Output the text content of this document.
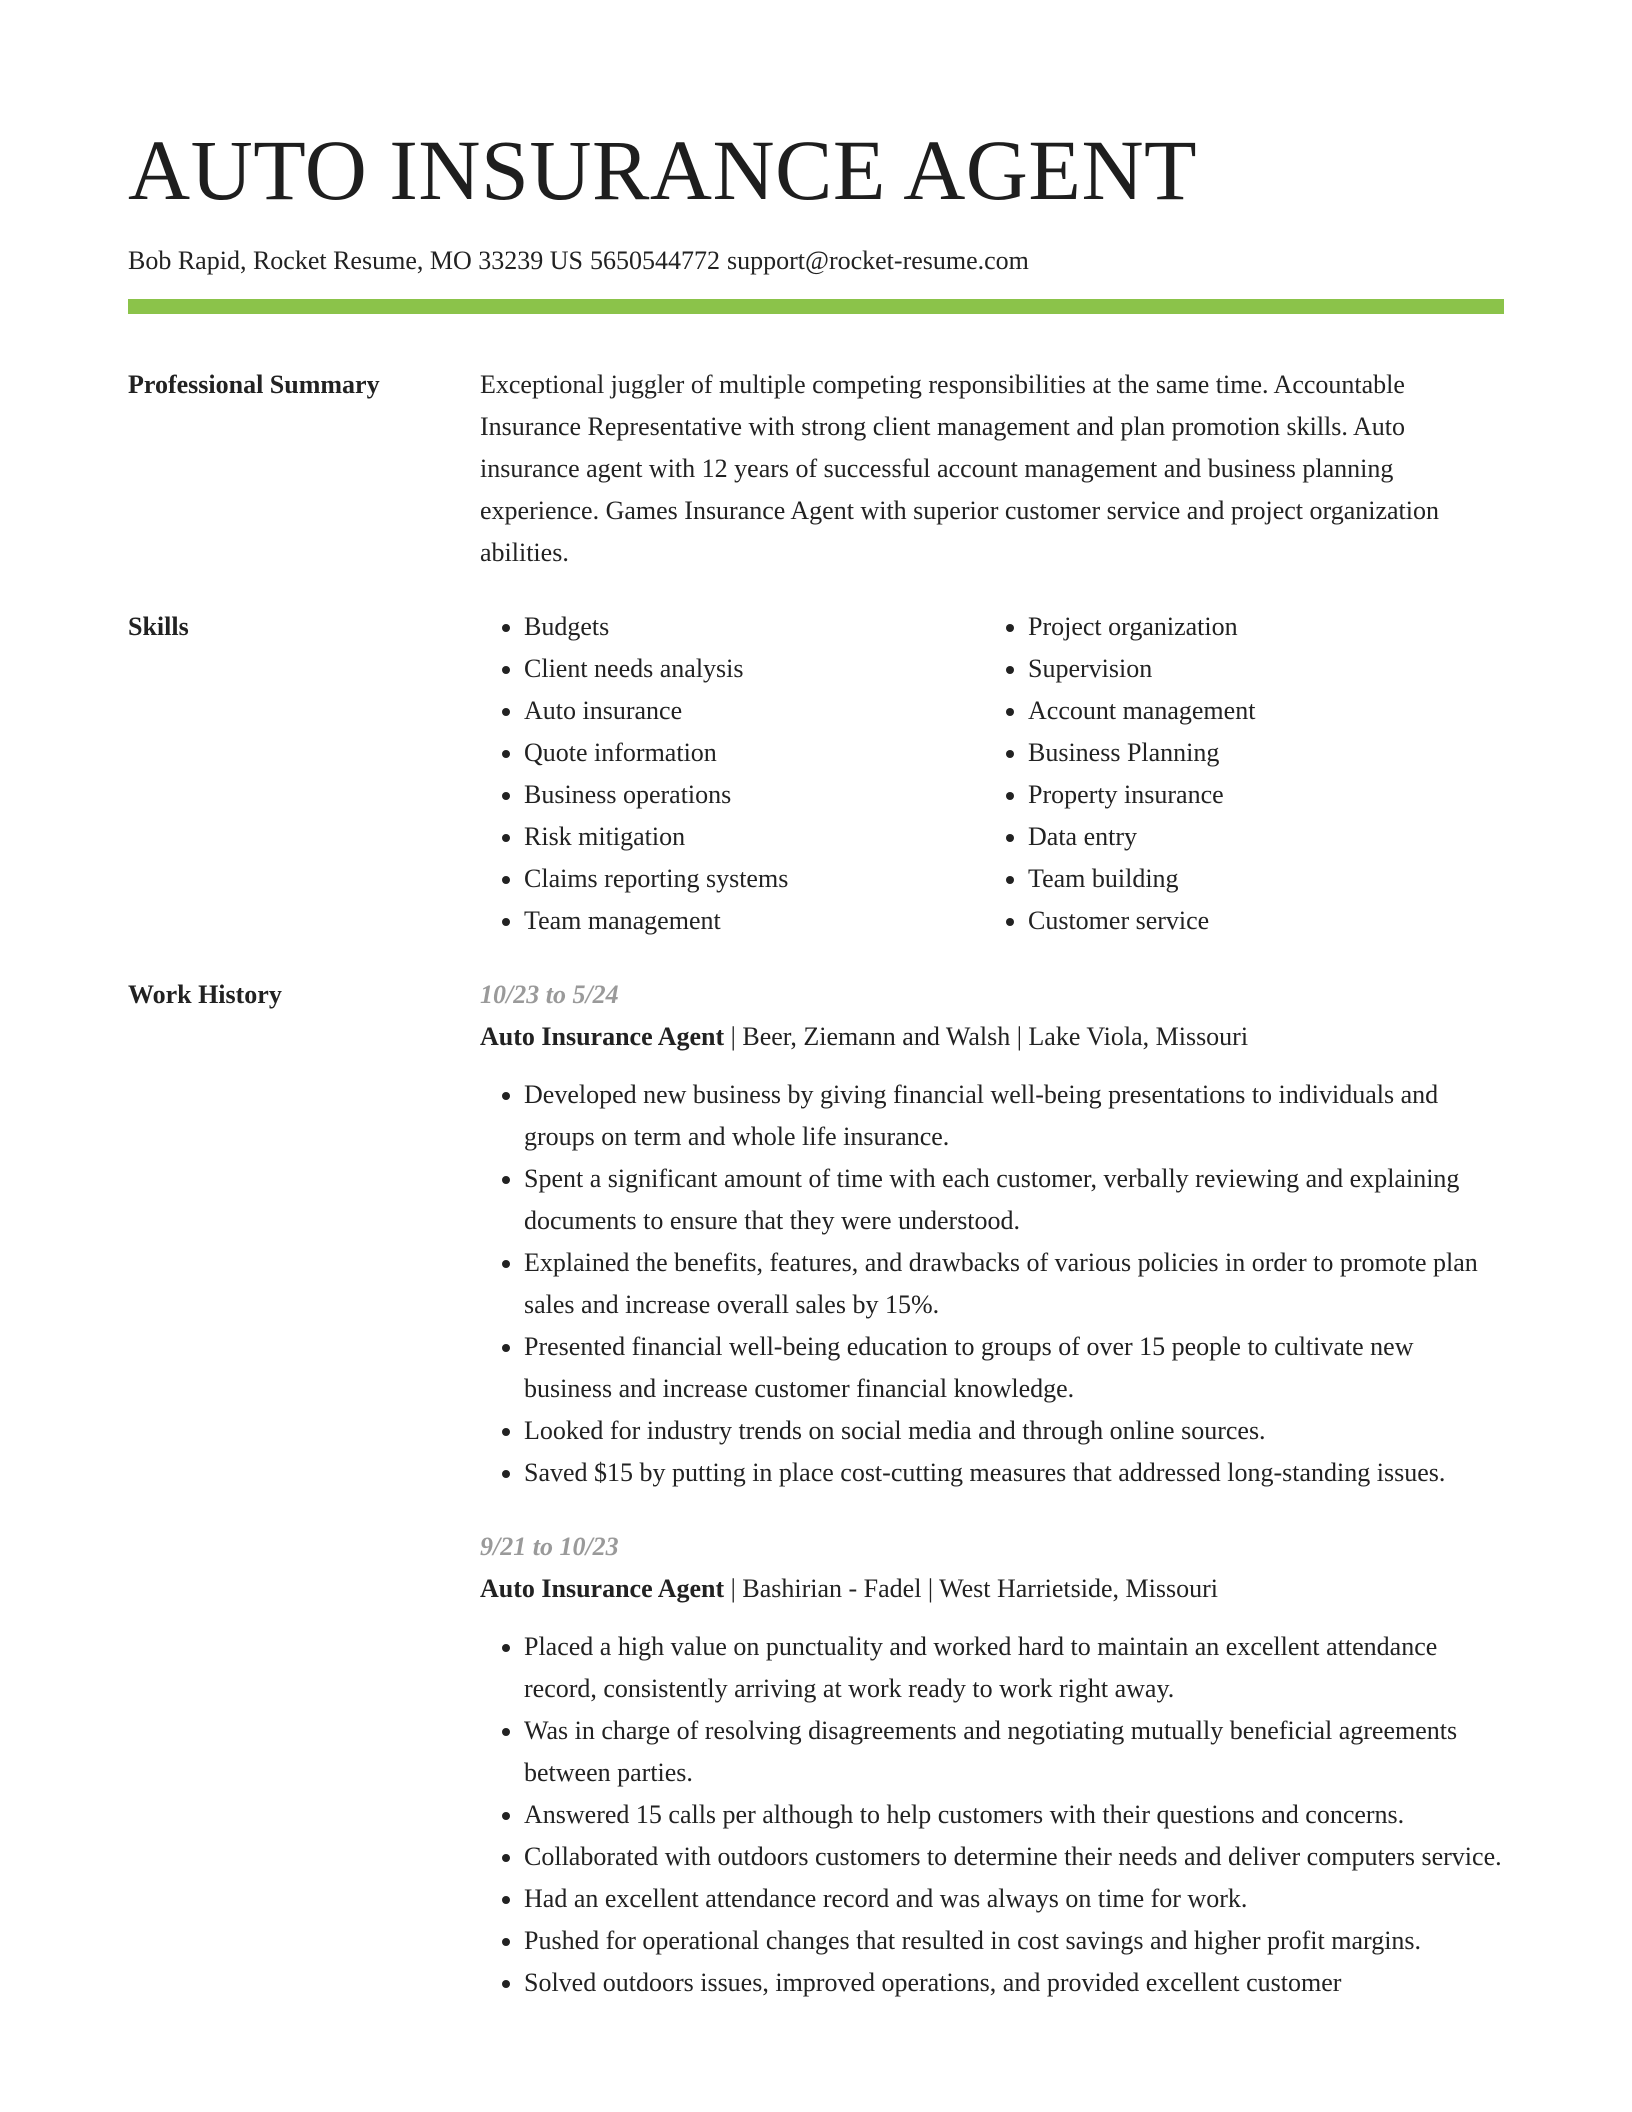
AUTO INSURANCE AGENT
Bob Rapid, Rocket Resume, MO 33239 US 5650544772 support@rocket-resume.com
Professional Summary	Exceptional juggler of multiple competing responsibilities at the same time. Accountable Insurance Representative with strong client management and plan promotion skills. Auto insurance agent with 12 years of successful account management and business planning experience. Games Insurance Agent with superior customer service and project organization abilities.

Skills
•	Budgets
• Client needs analysis
• Auto insurance
• Quote information
• Business operations
• Risk mitigation
• Claims reporting systems
• Team management
• Project organization
• Supervision
• Account management
• Business Planning
• Property insurance
• Data entry
• Team building
• Customer service
Work History	10/23 to 5/24
Auto Insurance Agent | Beer, Ziemann and Walsh | Lake Viola, Missouri
• Developed new business by giving financial well-being presentations to individuals and groups on term and whole life insurance.
• Spent a significant amount of time with each customer, verbally reviewing and explaining documents to ensure that they were understood.
• Explained the benefits, features, and drawbacks of various policies in order to promote plan sales and increase overall sales by 15%.
• Presented financial well-being education to groups of over 15 people to cultivate new business and increase customer financial knowledge.
• Looked for industry trends on social media and through online sources.
• Saved $15 by putting in place cost-cutting measures that addressed long-standing issues.
9/21 to 10/23
Auto Insurance Agent | Bashirian - Fadel | West Harrietside, Missouri
• Placed a high value on punctuality and worked hard to maintain an excellent attendance record, consistently arriving at work ready to work right away.
• Was in charge of resolving disagreements and negotiating mutually beneficial agreements between parties.
• Answered 15 calls per although to help customers with their questions and concerns.
• Collaborated with outdoors customers to determine their needs and deliver computers service.
• Had an excellent attendance record and was always on time for work.
• Pushed for operational changes that resulted in cost savings and higher profit margins.
• Solved outdoors issues, improved operations, and provided excellent customer
